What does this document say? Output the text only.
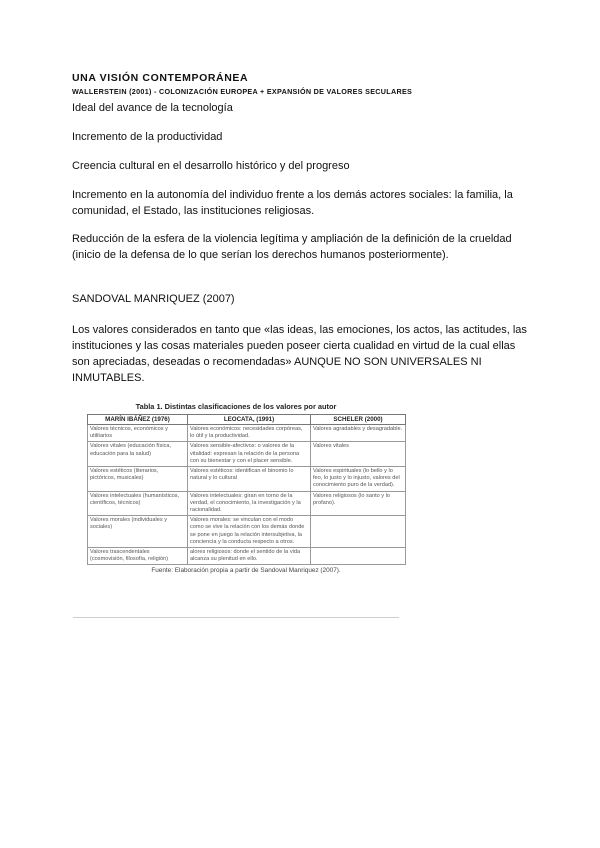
UNA VISIÓN CONTEMPORÁNEA
WALLERSTEIN (2001) - COLONIZACIÓN EUROPEA + EXPANSIÓN DE VALORES SECULARES

Ideal del avance de la tecnología

Incremento de la productividad

Creencia cultural en el desarrollo histórico y del progreso

Incremento en la autonomía del individuo frente a los demás actores sociales: la familia, la comunidad, el Estado, las instituciones religiosas.

Reducción de la esfera de la violencia legítima y ampliación de la definición de la crueldad (inicio de la defensa de lo que serían los derechos humanos posteriormente).

SANDOVAL MANRIQUEZ (2007)

Los valores considerados en tanto que «las ideas, las emociones, los actos, las actitudes, las instituciones y las cosas materiales pueden poseer cierta cualidad en virtud de la cual ellas son apreciadas, deseadas o recomendadas» AUNQUE NO SON UNIVERSALES NI INMUTABLES.

Tabla 1. Distintas clasificaciones de los valores por autor
MARÍN IBÁÑEZ (1976)	LEOCATA, (1991)	SCHELER (2000)
Valores técnicos, económicos y utilitarios	Valores económicos: necesidades corpóreas, lo útil y la productividad.	Valores agradables y desagradable.
Valores vitales (educación física, educación para la salud)	Valores sensible-afectivos: o valores de la vitalidad: expresan la relación de la persona con su bienestar y con el placer sensible.	Valores vitales
Valores estéticos (literarios, pictóricos, musicales)	Valores estéticos: identifican el binomio lo natural y lo cultural	Valores espirituales (lo bello y lo feo, lo justo y lo injusto, valores del conocimiento puro de la verdad).
Valores intelectuales (humanísticos, científicos, técnicos)	Valores intelectuales: giran en torno de la verdad, el conocimiento, la investigación y la racionalidad.	Valores religiosos (lo santo y lo profano).
Valores morales (individuales y sociales)	Valores morales: se vinculan con el modo como se vive la relación con los demás donde se pone en juego la relación intersubjetiva, la conciencia y la conducta respecto a otros.	
Valores trascendentales (cosmovisión, filosofía, religión)	alores religiosos: donde el sentido de la vida alcanza su plenitud en ello.	
Fuente: Elaboración propia a partir de Sandoval Manriquez (2007).
